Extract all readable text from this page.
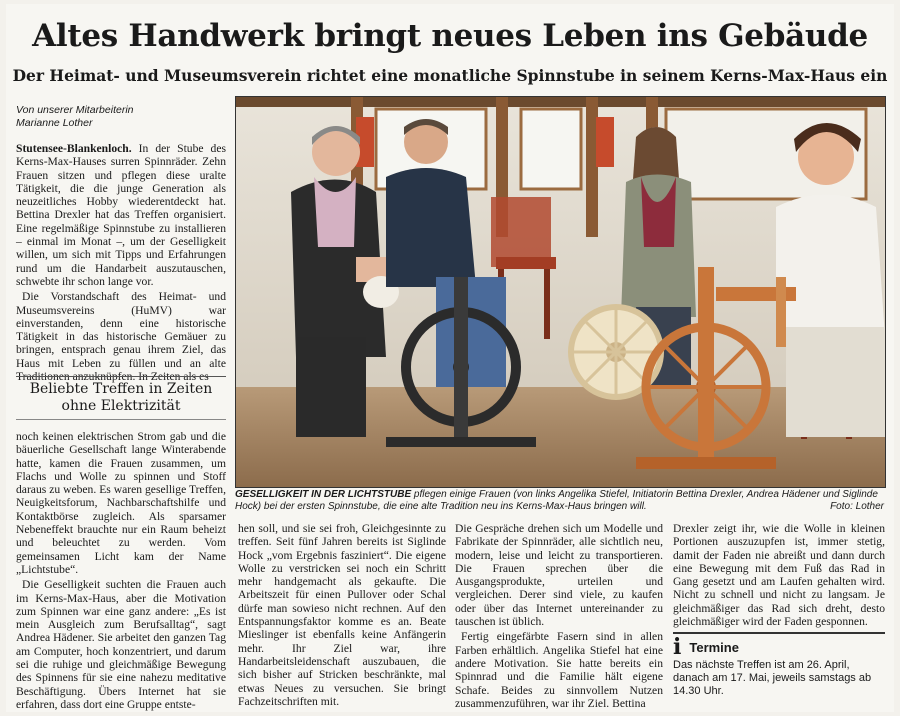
Altes Handwerk bringt neues Leben ins Gebäude
Der Heimat- und Museumsverein richtet eine monatliche Spinnstube in seinem Kerns-Max-Haus ein
Von unserer Mitarbeiterin
Marianne Lother

Stutensee-Blankenloch. In der Stube des Kerns-Max-Hauses surren Spinnräder. Zehn Frauen sitzen und pflegen diese uralte Tätigkeit, die die junge Generation als neuzeitliches Hobby wiederentdeckt hat. Bettina Drexler hat das Treffen organisiert. Eine regelmäßige Spinnstube zu installieren – einmal im Monat –, um der Geselligkeit willen, um sich mit Tipps und Erfahrungen rund um die Handarbeit auszutauschen, schwebte ihr schon lange vor.

Die Vorstandschaft des Heimat- und Museumsvereins (HuMV) war einverstanden, denn eine historische Tätigkeit in das historische Gemäuer zu bringen, entsprach genau ihrem Ziel, das Haus mit Leben zu füllen und an alte Traditionen anzuknüpfen. In Zeiten als es

Beliebte Treffen in Zeiten ohne Elektrizität

noch keinen elektrischen Strom gab und die bäuerliche Gesellschaft lange Winterabende hatte, kamen die Frauen zusammen, um Flachs und Wolle zu spinnen und Stoff daraus zu weben. Es waren gesellige Treffen, Neuigkeitsforum, Nachbarschaftshilfe und Kontaktbörse zugleich. Als sparsamer Nebeneffekt brauchte nur ein Raum beheizt und beleuchtet zu werden. Vom gemeinsamen Licht kam der Name „Lichtstube“.

Die Geselligkeit suchten die Frauen auch im Kerns-Max-Haus, aber die Motivation zum Spinnen war eine ganz andere: „Es ist mein Ausgleich zum Berufsalltag“, sagt Andrea Hädener. Sie arbeitet den ganzen Tag am Computer, hoch konzentriert, und darum sei die ruhige und gleichmäßige Bewegung des Spinnens für sie eine nahezu meditative Beschäftigung. Übers Internet hat sie erfahren, dass dort eine Gruppe entste-

GESELLIGKEIT IN DER LICHTSTUBE pflegen einige Frauen (von links Angelika Stiefel, Initiatorin Bettina Drexler, Andrea Hädener und Siglinde Hock) bei der ersten Spinnstube, die eine alte Tradition neu ins Kerns-Max-Haus bringen will.	Foto: Lother

hen soll, und sie sei froh, Gleichgesinnte zu treffen. Seit fünf Jahren bereits ist Siglinde Hock „vom Ergebnis fasziniert“. Die eigene Wolle zu verstricken sei noch ein Schritt mehr handgemacht als gekaufte. Die Arbeitszeit für einen Pullover oder Schal dürfe man sowieso nicht rechnen. Auf den Entspannungsfaktor komme es an. Beate Mieslinger ist ebenfalls keine Anfängerin mehr. Ihr Ziel war, ihre Handarbeitsleidenschaft auszubauen, die sich bisher auf Stricken beschränkte, mal etwas Neues zu versuchen. Sie bringt Fachzeitschriften mit.

Die Gespräche drehen sich um Modelle und Fabrikate der Spinnräder, alle sichtlich neu, modern, leise und leicht zu transportieren. Die Frauen sprechen über die Ausgangsprodukte, urteilen und vergleichen. Derer sind viele, zu kaufen oder über das Internet untereinander zu tauschen ist üblich.

Fertig eingefärbte Fasern sind in allen Farben erhältlich. Angelika Stiefel hat eine andere Motivation. Sie hatte bereits ein Spinnrad und die Familie hält eigene Schafe. Beides zu sinnvollem Nutzen zusammenzuführen, war ihr Ziel. Bettina

Drexler zeigt ihr, wie die Wolle in kleinen Portionen auszuzupfen ist, immer stetig, damit der Faden nie abreißt und dann durch eine Bewegung mit dem Fuß das Rad in Gang gesetzt und am Laufen gehalten wird. Nicht zu schnell und nicht zu langsam. Je gleichmäßiger das Rad sich dreht, desto gleichmäßiger wird der Faden gesponnen.

i Termine
Das nächste Treffen ist am 26. April, danach am 17. Mai, jeweils samstags ab 14.30 Uhr.
